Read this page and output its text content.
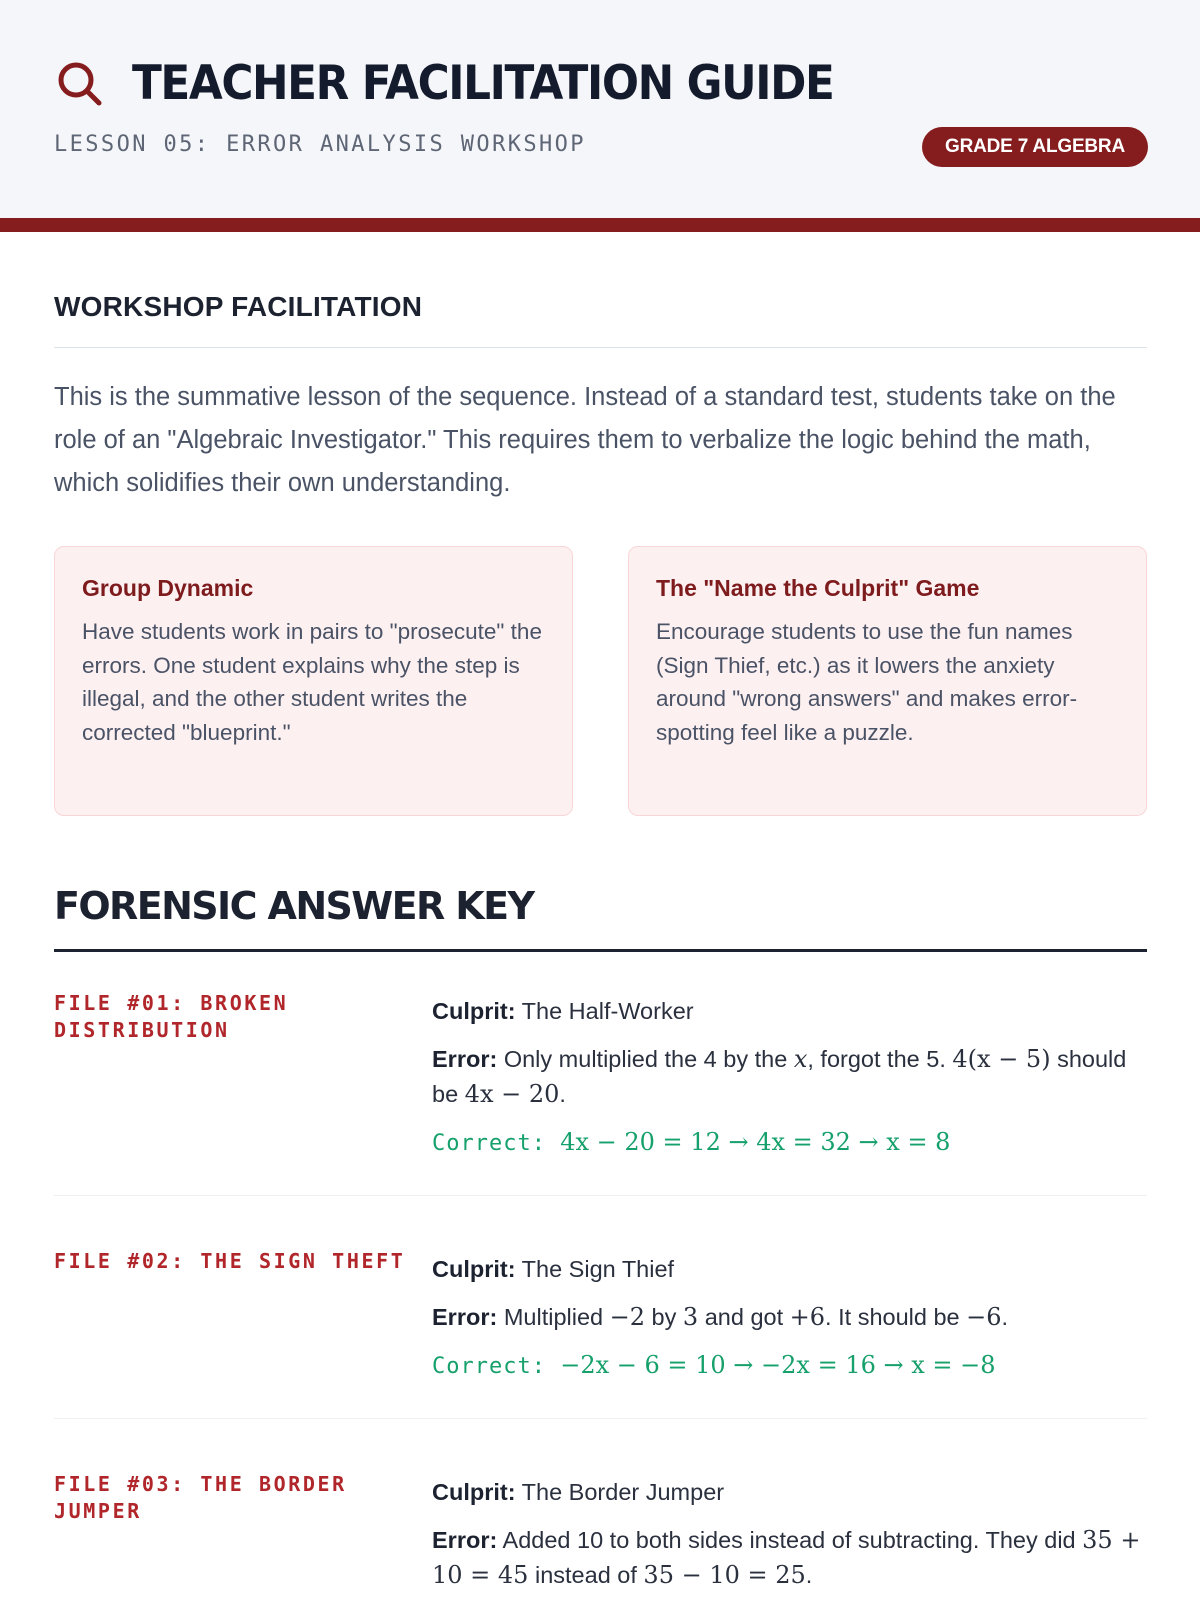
TEACHER FACILITATION GUIDE
LESSON 05: ERROR ANALYSIS WORKSHOP	GRADE 7 ALGEBRA
WORKSHOP FACILITATION
This is the summative lesson of the sequence. Instead of a standard test, students take on the role of an "Algebraic Investigator." This requires them to verbalize the logic behind the math, which solidifies their own understanding.
Group Dynamic
Have students work in pairs to "prosecute" the errors. One student explains why the step is illegal, and the other student writes the corrected "blueprint."
The "Name the Culprit" Game
Encourage students to use the fun names (Sign Thief, etc.) as it lowers the anxiety around "wrong answers" and makes error-spotting feel like a puzzle.
FORENSIC ANSWER KEY
FILE #01: BROKEN DISTRIBUTION
Culprit: The Half-Worker
Error: Only multiplied the 4 by the x, forgot the 5. 4(x − 5) should be 4x − 20.
Correct: 4x − 20 = 12 → 4x = 32 → x = 8
FILE #02: THE SIGN THEFT	Culprit: The Sign Thief
Error: Multiplied −2 by 3 and got +6. It should be −6.
Correct: −2x − 6 = 10 → −2x = 16 → x = −8
FILE #03: THE BORDER JUMPER
Culprit: The Border Jumper
Error: Added 10 to both sides instead of subtracting. They did 35 + 10 = 45 instead of 35 − 10 = 25.
